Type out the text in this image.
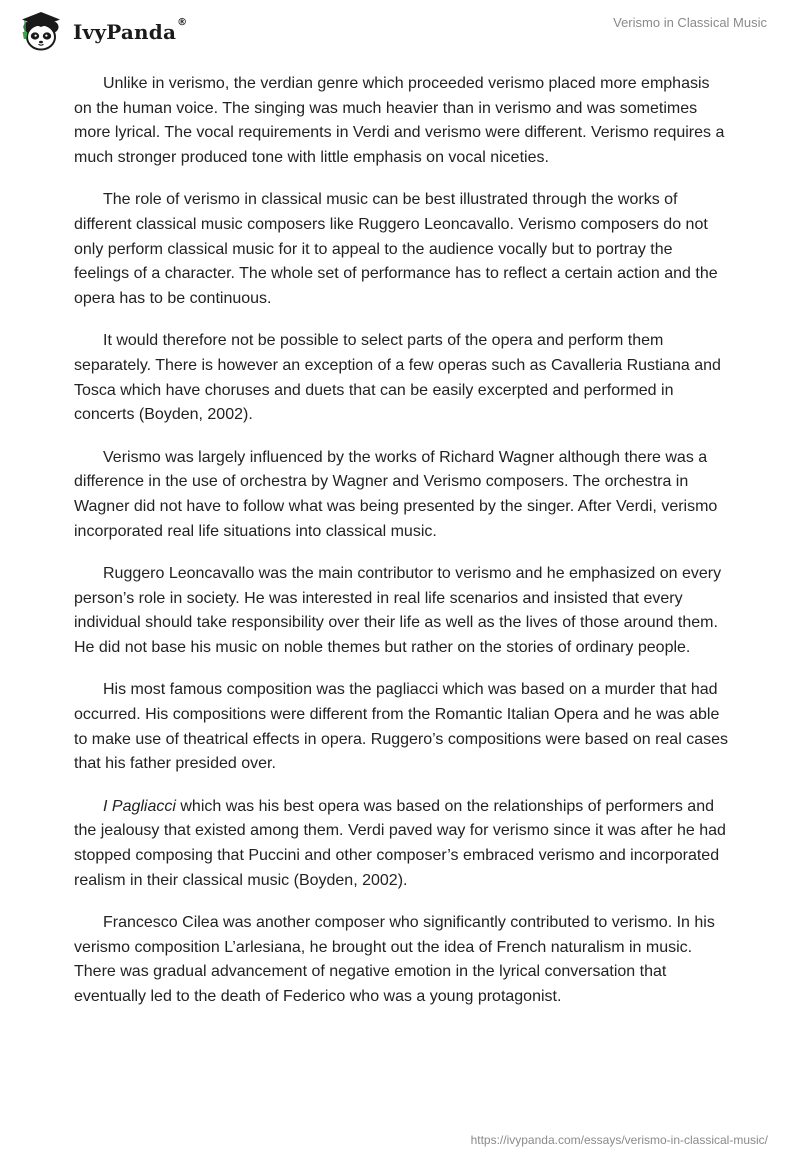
IvyPanda®	Verismo in Classical Music

Unlike in verismo, the verdian genre which proceeded verismo placed more emphasis on the human voice. The singing was much heavier than in verismo and was sometimes more lyrical. The vocal requirements in Verdi and verismo were different. Verismo requires a much stronger produced tone with little emphasis on vocal niceties.

The role of verismo in classical music can be best illustrated through the works of different classical music composers like Ruggero Leoncavallo. Verismo composers do not only perform classical music for it to appeal to the audience vocally but to portray the feelings of a character. The whole set of performance has to reflect a certain action and the opera has to be continuous.

It would therefore not be possible to select parts of the opera and perform them separately. There is however an exception of a few operas such as Cavalleria Rustiana and Tosca which have choruses and duets that can be easily excerpted and performed in concerts (Boyden, 2002).

Verismo was largely influenced by the works of Richard Wagner although there was a difference in the use of orchestra by Wagner and Verismo composers. The orchestra in Wagner did not have to follow what was being presented by the singer. After Verdi, verismo incorporated real life situations into classical music.

Ruggero Leoncavallo was the main contributor to verismo and he emphasized on every person’s role in society. He was interested in real life scenarios and insisted that every individual should take responsibility over their life as well as the lives of those around them. He did not base his music on noble themes but rather on the stories of ordinary people.

His most famous composition was the pagliacci which was based on a murder that had occurred. His compositions were different from the Romantic Italian Opera and he was able to make use of theatrical effects in opera. Ruggero’s compositions were based on real cases that his father presided over.

I Pagliacci which was his best opera was based on the relationships of performers and the jealousy that existed among them. Verdi paved way for verismo since it was after he had stopped composing that Puccini and other composer’s embraced verismo and incorporated realism in their classical music (Boyden, 2002).

Francesco Cilea was another composer who significantly contributed to verismo. In his verismo composition L’arlesiana, he brought out the idea of French naturalism in music. There was gradual advancement of negative emotion in the lyrical conversation that eventually led to the death of Federico who was a young protagonist.

https://ivypanda.com/essays/verismo-in-classical-music/
